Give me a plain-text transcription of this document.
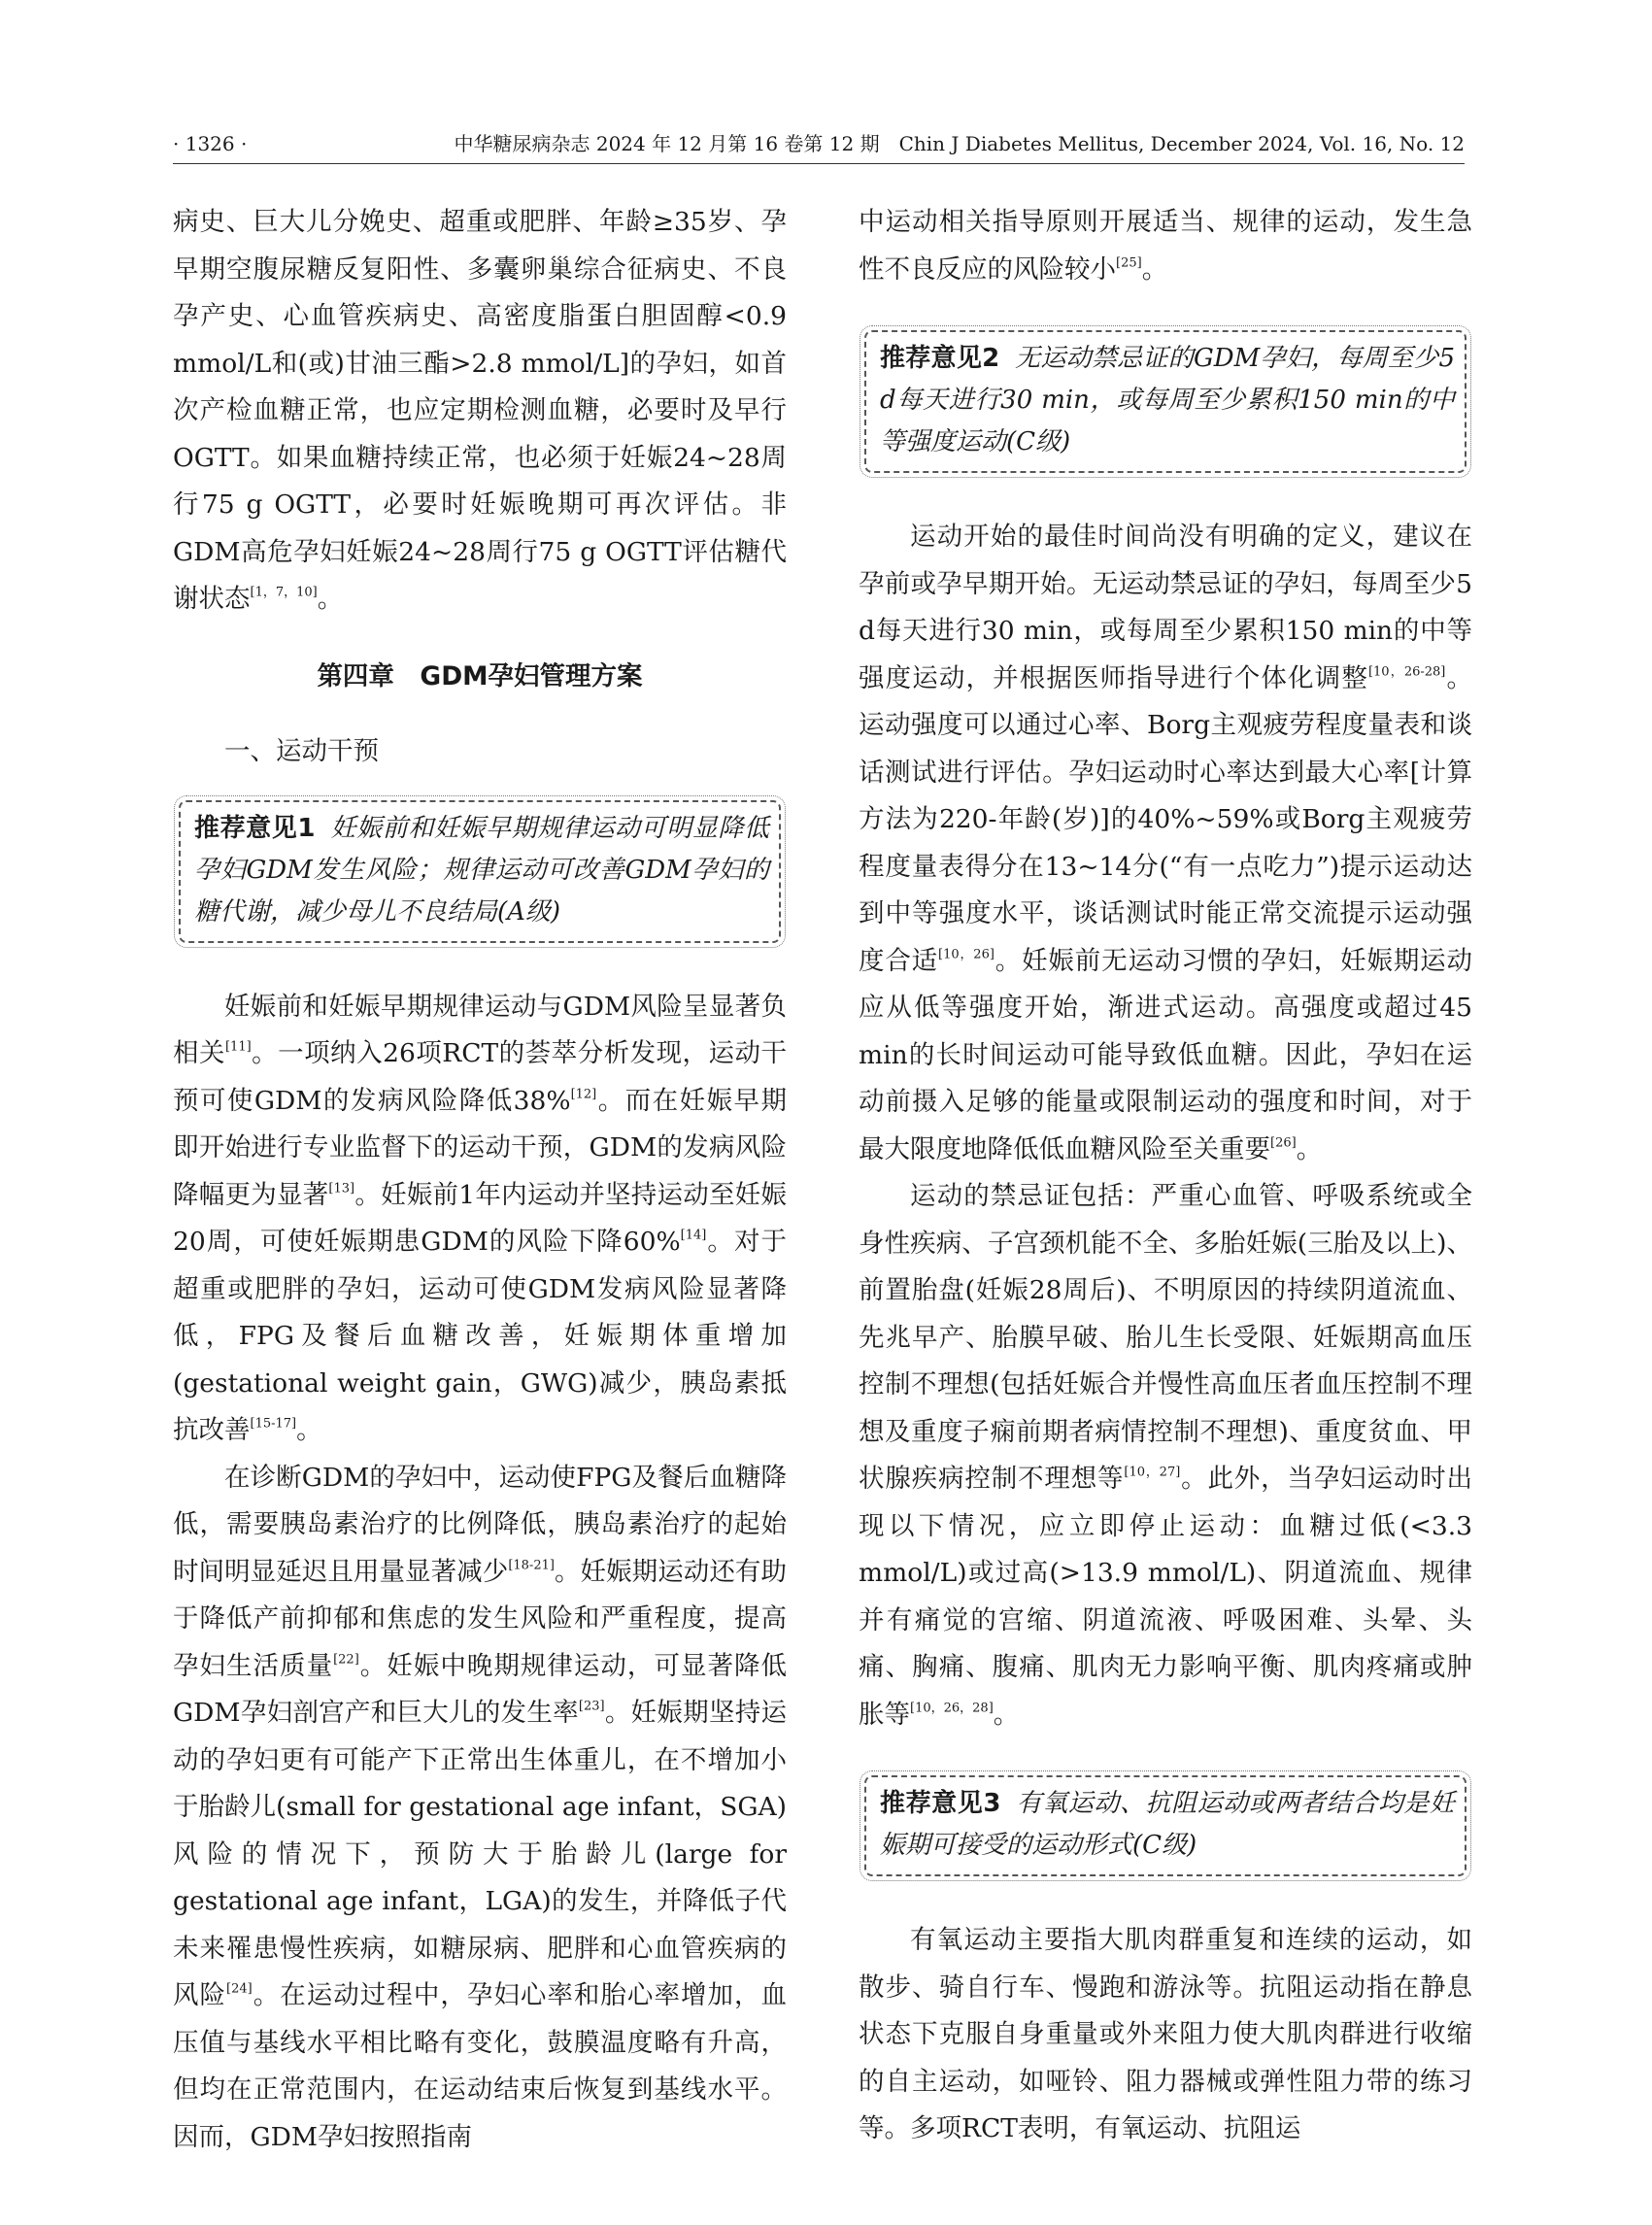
· 1326 ·	中华糖尿病杂志 2024 年 12 月第 16 卷第 12 期　Chin J Diabetes Mellitus, December 2024, Vol. 16, No. 12

病史、巨大儿分娩史、超重或肥胖、年龄≥35岁、孕早期空腹尿糖反复阳性、多囊卵巢综合征病史、不良孕产史、心血管疾病史、高密度脂蛋白胆固醇<0.9 mmol/L和(或)甘油三酯>2.8 mmol/L]的孕妇，如首次产检血糖正常，也应定期检测血糖，必要时及早行OGTT。如果血糖持续正常，也必须于妊娠24~28周行75 g OGTT，必要时妊娠晚期可再次评估。非GDM高危孕妇妊娠24~28周行75 g OGTT评估糖代谢状态[1，7，10]。

第四章　GDM孕妇管理方案

一、运动干预

推荐意见1 妊娠前和妊娠早期规律运动可明显降低孕妇GDM发生风险；规律运动可改善GDM孕妇的糖代谢，减少母儿不良结局(A级)

妊娠前和妊娠早期规律运动与GDM风险呈显著负相关[11]。一项纳入26项RCT的荟萃分析发现，运动干预可使GDM的发病风险降低38%[12]。而在妊娠早期即开始进行专业监督下的运动干预，GDM的发病风险降幅更为显著[13]。妊娠前1年内运动并坚持运动至妊娠20周，可使妊娠期患GDM的风险下降60%[14]。对于超重或肥胖的孕妇，运动可使GDM发病风险显著降低，FPG及餐后血糖改善，妊娠期体重增加(gestational weight gain，GWG)减少，胰岛素抵抗改善[15-17]。

在诊断GDM的孕妇中，运动使FPG及餐后血糖降低，需要胰岛素治疗的比例降低，胰岛素治疗的起始时间明显延迟且用量显著减少[18-21]。妊娠期运动还有助于降低产前抑郁和焦虑的发生风险和严重程度，提高孕妇生活质量[22]。妊娠中晚期规律运动，可显著降低GDM孕妇剖宫产和巨大儿的发生率[23]。妊娠期坚持运动的孕妇更有可能产下正常出生体重儿，在不增加小于胎龄儿(small for gestational age infant，SGA)风险的情况下，预防大于胎龄儿(large for gestational age infant，LGA)的发生，并降低子代未来罹患慢性疾病，如糖尿病、肥胖和心血管疾病的风险[24]。在运动过程中，孕妇心率和胎心率增加，血压值与基线水平相比略有变化，鼓膜温度略有升高，但均在正常范围内，在运动结束后恢复到基线水平。因而，GDM孕妇按照指南

中运动相关指导原则开展适当、规律的运动，发生急性不良反应的风险较小[25]。

推荐意见2 无运动禁忌证的GDM孕妇，每周至少5 d每天进行30 min，或每周至少累积150 min的中等强度运动(C级)

运动开始的最佳时间尚没有明确的定义，建议在孕前或孕早期开始。无运动禁忌证的孕妇，每周至少5 d每天进行30 min，或每周至少累积150 min的中等强度运动，并根据医师指导进行个体化调整[10，26-28]。运动强度可以通过心率、Borg主观疲劳程度量表和谈话测试进行评估。孕妇运动时心率达到最大心率[计算方法为220-年龄(岁)]的40%~59%或Borg主观疲劳程度量表得分在13~14分(“有一点吃力”)提示运动达到中等强度水平，谈话测试时能正常交流提示运动强度合适[10，26]。妊娠前无运动习惯的孕妇，妊娠期运动应从低等强度开始，渐进式运动。高强度或超过45 min的长时间运动可能导致低血糖。因此，孕妇在运动前摄入足够的能量或限制运动的强度和时间，对于最大限度地降低低血糖风险至关重要[26]。

运动的禁忌证包括：严重心血管、呼吸系统或全身性疾病、子宫颈机能不全、多胎妊娠(三胎及以上)、前置胎盘(妊娠28周后)、不明原因的持续阴道流血、先兆早产、胎膜早破、胎儿生长受限、妊娠期高血压控制不理想(包括妊娠合并慢性高血压者血压控制不理想及重度子痫前期者病情控制不理想)、重度贫血、甲状腺疾病控制不理想等[10，27]。此外，当孕妇运动时出现以下情况，应立即停止运动：血糖过低(<3.3 mmol/L)或过高(>13.9 mmol/L)、阴道流血、规律并有痛觉的宫缩、阴道流液、呼吸困难、头晕、头痛、胸痛、腹痛、肌肉无力影响平衡、肌肉疼痛或肿胀等[10，26，28]。

推荐意见3 有氧运动、抗阻运动或两者结合均是妊娠期可接受的运动形式(C级)

有氧运动主要指大肌肉群重复和连续的运动，如散步、骑自行车、慢跑和游泳等。抗阻运动指在静息状态下克服自身重量或外来阻力使大肌肉群进行收缩的自主运动，如哑铃、阻力器械或弹性阻力带的练习等。多项RCT表明，有氧运动、抗阻运
